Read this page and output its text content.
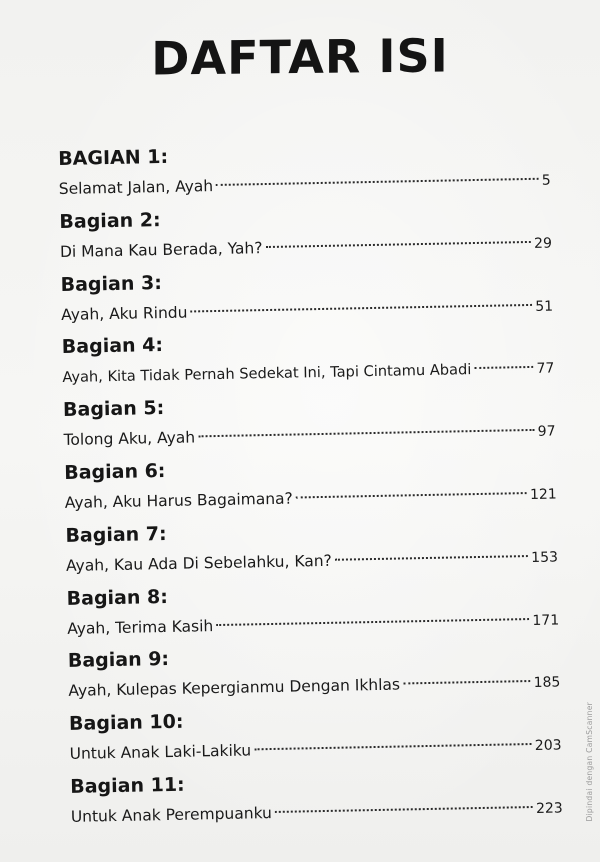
DAFTAR ISI
BAGIAN 1:
Selamat Jalan, Ayah	5
Bagian 2:
Di Mana Kau Berada, Yah?	29
Bagian 3:
Ayah, Aku Rindu	51
Bagian 4:
Ayah, Kita Tidak Pernah Sedekat Ini, Tapi Cintamu Abadi	77
Bagian 5:
Tolong Aku, Ayah	97
Bagian 6:
Ayah, Aku Harus Bagaimana?	121
Bagian 7:
Ayah, Kau Ada Di Sebelahku, Kan?	153
Bagian 8:
Ayah, Terima Kasih	171
Bagian 9:
Ayah, Kulepas Kepergianmu Dengan Ikhlas	185
Bagian 10:
Untuk Anak Laki-Lakiku	203
Bagian 11:
Untuk Anak Perempuanku	223	Dipindai dengan CamScanner
